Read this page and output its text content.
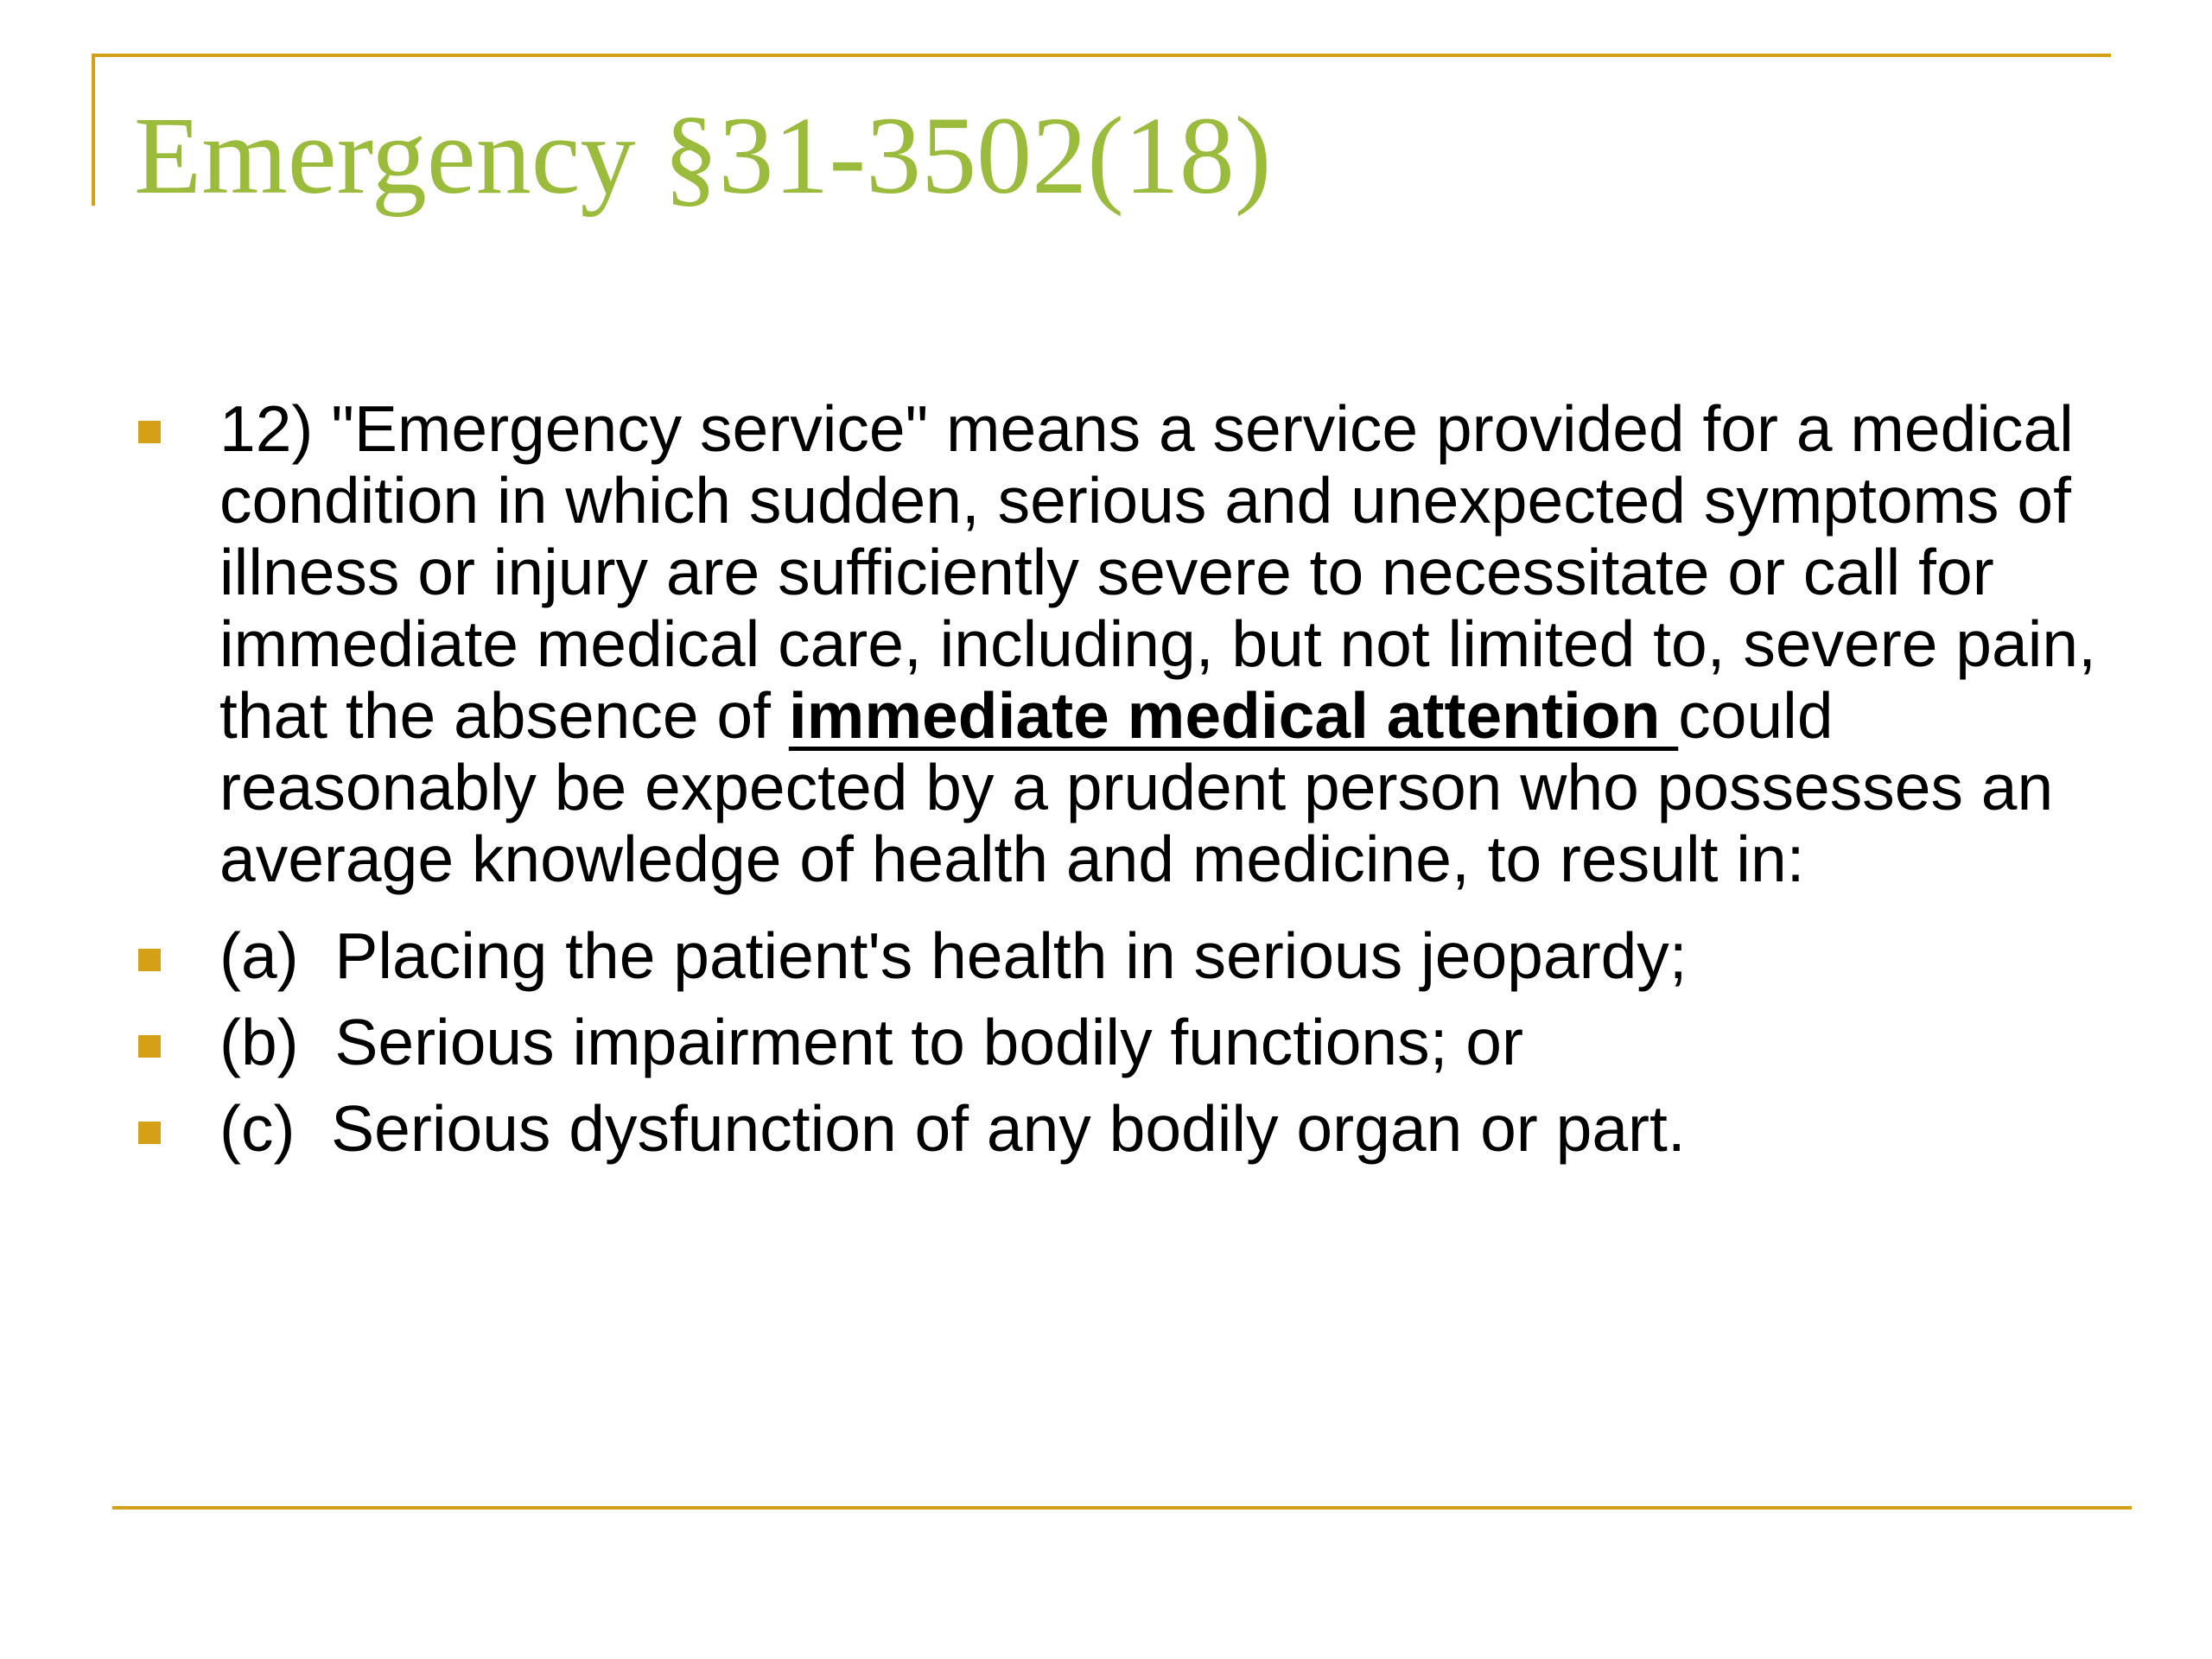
Emergency §31-3502(18)
12) "Emergency service" means a service provided for a medical condition in which sudden, serious and unexpected symptoms of illness or injury are sufficiently severe to necessitate or call for immediate medical care, including, but not limited to, severe pain, that the absence of immediate medical attention could reasonably be expected by a prudent person who possesses an average knowledge of health and medicine, to result in:
(a)  Placing the patient's health in serious jeopardy;
(b)  Serious impairment to bodily functions; or
(c)  Serious dysfunction of any bodily organ or part.
